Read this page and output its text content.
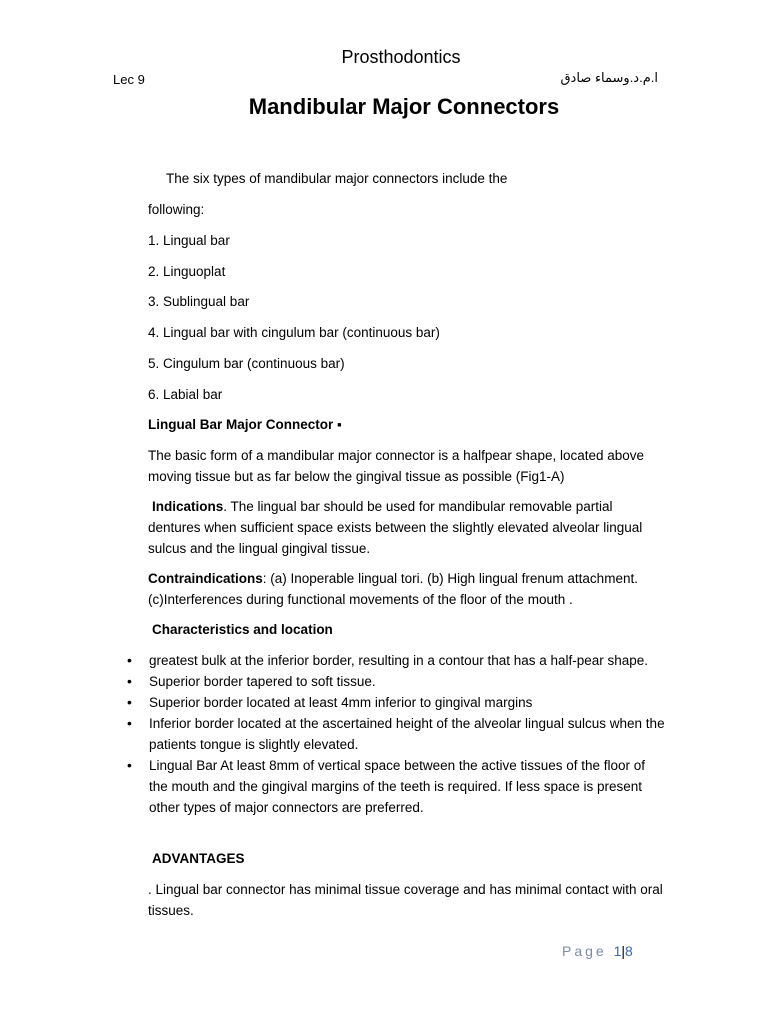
Prosthodontics
Lec 9	ا.م.د.وسماء صادق
Mandibular Major Connectors
The six types of mandibular major connectors include the
following:
1. Lingual bar
2. Linguoplat
3. Sublingual bar
4. Lingual bar with cingulum bar (continuous bar)
5. Cingulum bar (continuous bar)
6. Labial bar
Lingual Bar Major Connector ▪
The basic form of a mandibular major connector is a halfpear shape, located above moving tissue but as far below the gingival tissue as possible (Fig1-A)
Indications. The lingual bar should be used for mandibular removable partial dentures when sufficient space exists between the slightly elevated alveolar lingual sulcus and the lingual gingival tissue.
Contraindications: (a) Inoperable lingual tori. (b) High lingual frenum attachment. (c)Interferences during functional movements of the floor of the mouth .
Characteristics and location
• greatest bulk at the inferior border, resulting in a contour that has a half-pear shape.
• Superior border tapered to soft tissue.
• Superior border located at least 4mm inferior to gingival margins
• Inferior border located at the ascertained height of the alveolar lingual sulcus when the patients tongue is slightly elevated.
• Lingual Bar At least 8mm of vertical space between the active tissues of the floor of the mouth and the gingival margins of the teeth is required. If less space is present other types of major connectors are preferred.
ADVANTAGES
. Lingual bar connector has minimal tissue coverage and has minimal contact with oral tissues.
Page 1|8
